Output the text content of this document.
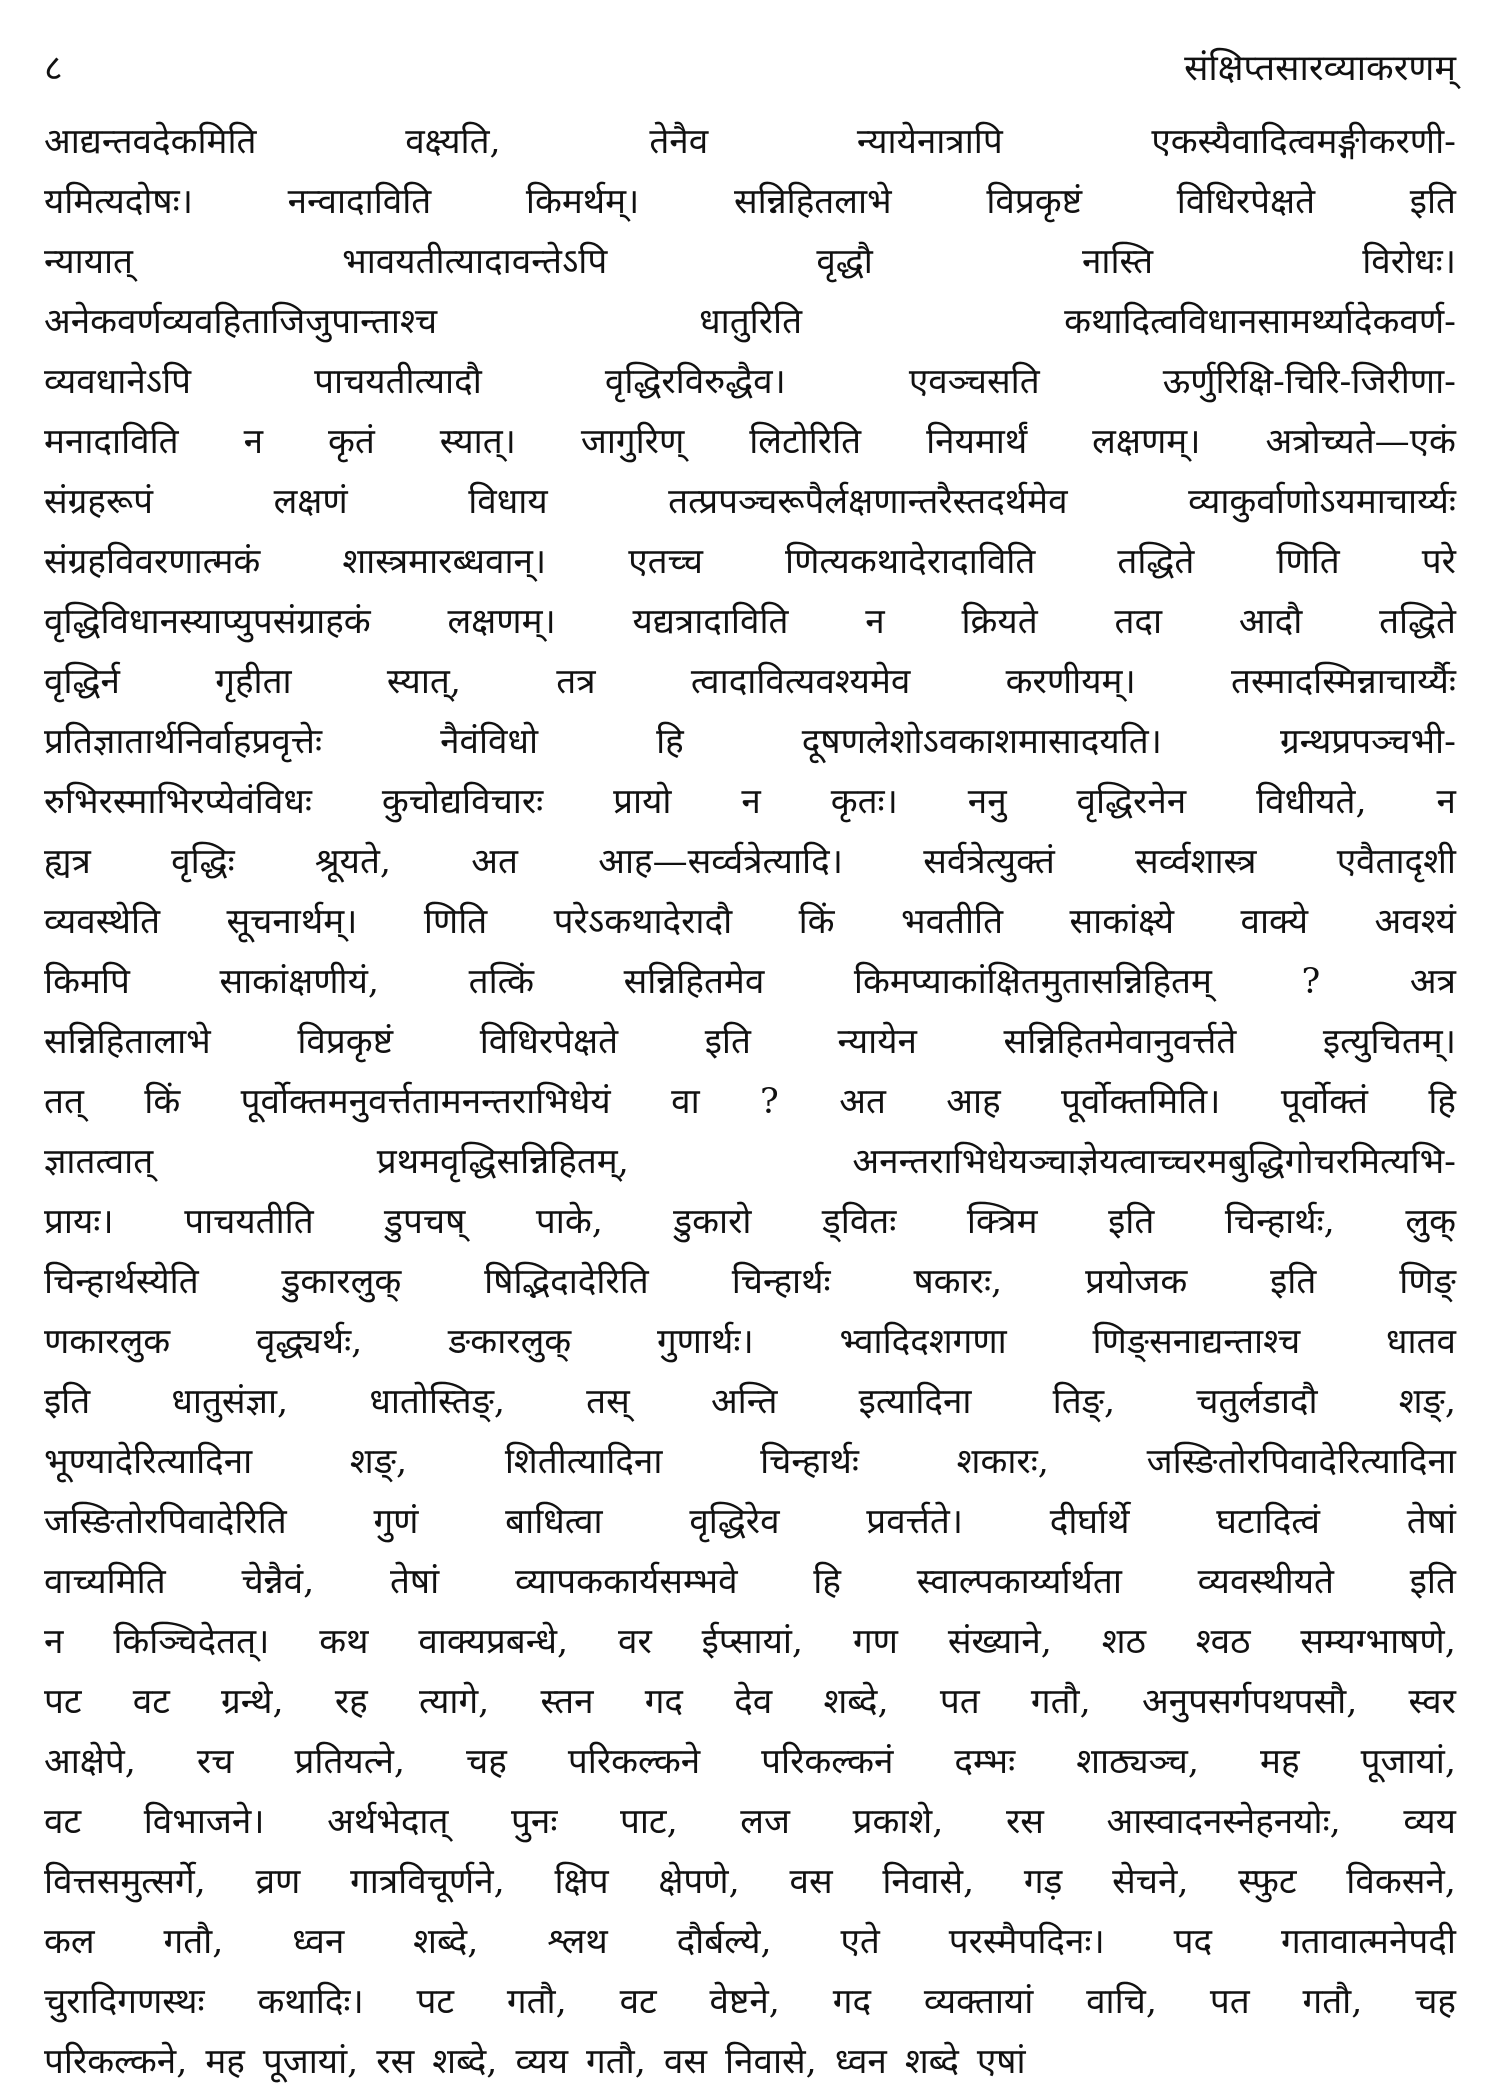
८	संक्षिप्तसारव्याकरणम्
आद्यन्तवदेकमिति	वक्ष्यति,	तेनैव	न्यायेनात्रापि	एकस्यैवादित्वमङ्गीकरणी-
यमित्यदोषः।	नन्वादाविति	किमर्थम्।	सन्निहितलाभे	विप्रकृष्टं	विधिरपेक्षते	इति
न्यायात्	भावयतीत्यादावन्तेऽपि	वृद्धौ	नास्ति	विरोधः।
अनेकवर्णव्यवहिताजिजुपान्ताश्च	धातुरिति	कथादित्वविधानसामर्थ्यादेकवर्ण-
व्यवधानेऽपि	पाचयतीत्यादौ	वृद्धिरविरुद्धैव।	एवञ्चसति	ऊर्णुरिक्षि-चिरि-जिरीणा-
मनादाविति न कृतं स्यात्। जागुरिण् लिटोरिति नियमार्थं लक्षणम्। अत्रोच्यते—एकं
संग्रहरूपं	लक्षणं	विधाय	तत्प्रपञ्चरूपैर्लक्षणान्तरैस्तदर्थमेव	व्याकुर्वाणोऽयमाचार्य्यः
संग्रहविवरणात्मकं शास्त्रमारब्धवान्। एतच्च णित्यकथादेरादाविति तद्धिते णिति परे
वृद्धिविधानस्याप्युपसंग्राहकं लक्षणम्। यद्यत्रादाविति न क्रियते तदा आदौ तद्धिते
वृद्धिर्न	गृहीता	स्यात्,	तत्र	त्वादावित्यवश्यमेव	करणीयम्।	तस्मादस्मिन्नाचार्य्यैः
प्रतिज्ञातार्थनिर्वाहप्रवृत्तेः	नैवंविधो	हि	दूषणलेशोऽवकाशमासादयति।	ग्रन्थप्रपञ्चभी-
रुभिरस्माभिरप्येवंविधः कुचोद्यविचारः प्रायो न कृतः। ननु वृद्धिरनेन विधीयते, न
ह्यत्र वृद्धिः श्रूयते, अत आह—सर्व्वत्रेत्यादि। सर्वत्रेत्युक्तं सर्व्वशास्त्र एवैतादृशी
व्यवस्थेति सूचनार्थम्। णिति परेऽकथादेरादौ किं भवतीति साकांक्ष्ये वाक्ये अवश्यं
किमपि	साकांक्षणीयं,	तत्किं	सन्निहितमेव	किमप्याकांक्षितमुतासन्निहितम्	?	अत्र
सन्निहितालाभे विप्रकृष्टं विधिरपेक्षते इति न्यायेन सन्निहितमेवानुवर्त्तते इत्युचितम्।
तत् किं पूर्वोक्तमनुवर्त्ततामनन्तराभिधेयं वा ? अत आह पूर्वोक्तमिति। पूर्वोक्तं हि
ज्ञातत्वात्	प्रथमवृद्धिसन्निहितम्,	अनन्तराभिधेयञ्चाज्ञेयत्वाच्चरमबुद्धिगोचरमित्यभि-
प्रायः। पाचयतीति डुपचष् पाके, डुकारो ड्वितः क्त्रिम इति चिन्हार्थः, लुक्
चिन्हार्थस्येति डुकारलुक् षिद्भिदादेरिति चिन्हार्थः षकारः, प्रयोजक इति णिङ्
णकारलुक वृद्ध्यर्थः, ङकारलुक् गुणार्थः। भ्वादिदशगणा णिङ्सनाद्यन्ताश्च धातव
इति धातुसंज्ञा, धातोस्तिङ्, तस् अन्ति इत्यादिना तिङ्, चतुर्लडादौ शङ्,
भूण्यादेरित्यादिना	शङ्,	शितीत्यादिना	चिन्हार्थः	शकारः,	जस्ङितोरपिवादेरित्यादिना
जस्ङितोरपिवादेरिति गुणं बाधित्वा वृद्धिरेव प्रवर्त्तते। दीर्घार्थे घटादित्वं तेषां
वाच्यमिति चेन्नैवं, तेषां व्यापककार्यसम्भवे हि स्वाल्पकार्य्यार्थता व्यवस्थीयते इति
न किञ्चिदेतत्। कथ वाक्यप्रबन्धे, वर ईप्सायां, गण संख्याने, शठ श्वठ सम्यग्भाषणे,
पट वट ग्रन्थे, रह त्यागे, स्तन गद देव शब्दे, पत गतौ, अनुपसर्गपथपसौ, स्वर
आक्षेपे, रच प्रतियत्ने, चह परिकल्कने परिकल्कनं दम्भः शाठ्यञ्च, मह पूजायां,
वट विभाजने। अर्थभेदात् पुनः पाट, लज प्रकाशे, रस आस्वादनस्नेहनयोः, व्यय
वित्तसमुत्सर्गे, व्रण गात्रविचूर्णने, क्षिप क्षेपणे, वस निवासे, गड़ सेचने, स्फुट विकसने,
कल गतौ, ध्वन शब्दे, श्लथ दौर्बल्ये, एते परस्मैपदिनः। पद गतावात्मनेपदी
चुरादिगणस्थः कथादिः। पट गतौ, वट वेष्टने, गद व्यक्तायां वाचि, पत गतौ, चह
परिकल्कने, मह पूजायां, रस शब्दे, व्यय गतौ, वस निवासे, ध्वन शब्दे एषां
